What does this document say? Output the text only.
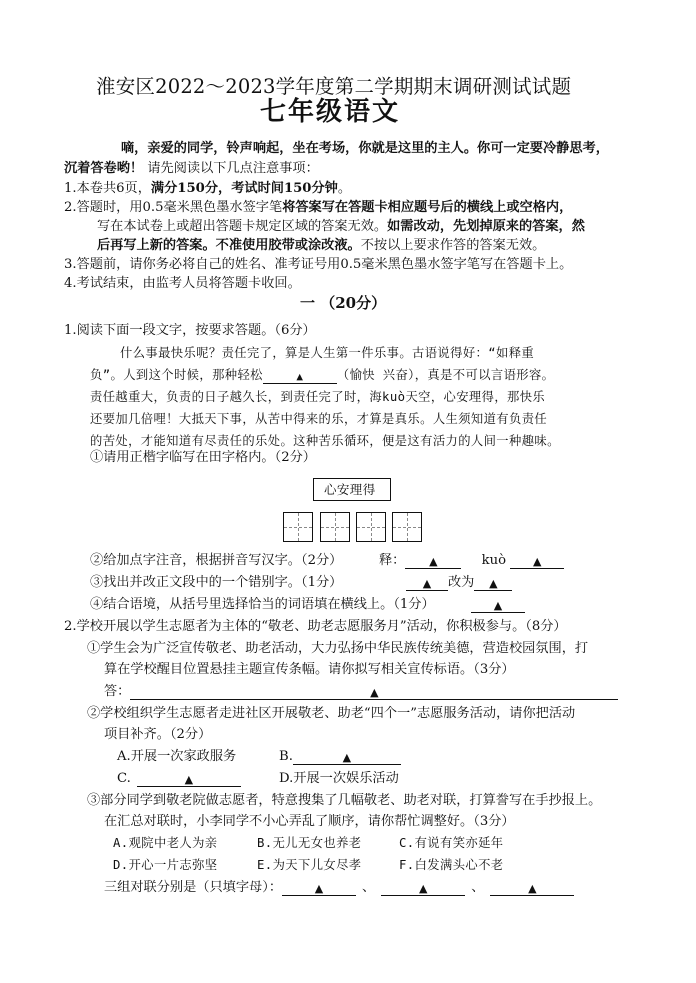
淮安区2022～2023学年度第二学期期末调研测试试题
七年级语文
嘀，亲爱的同学，铃声响起，坐在考场，你就是这里的主人。你可一定要冷静思考，
沉着答卷哟！ 请先阅读以下几点注意事项：
1.本卷共6页，满分150分，考试时间150分钟。
2.答题时，用0.5毫米黑色墨水签字笔将答案写在答题卡相应题号后的横线上或空格内，
写在本试卷上或超出答题卡规定区域的答案无效。如需改动，先划掉原来的答案，然
后再写上新的答案。不准使用胶带或涂改液。不按以上要求作答的答案无效。
3.答题前，请你务必将自己的姓名、准考证号用0.5毫米黑色墨水签字笔写在答题卡上。
4.考试结束，由监考人员将答题卡收回。
一 （20分）
1.阅读下面一段文字，按要求答题。（6分）
什么事最快乐呢？责任完了，算是人生第一件乐事。古语说得好：“如释重
负”。人到这个时候，那种轻松	▲	（愉快 兴奋），真是不可以言语形容。
责任越重大，负责的日子越久长，到责任完了时，海kuò天空，心安理得，那快乐
还要加几倍哩！大抵天下事，从苦中得来的乐，才算是真乐。人生须知道有负责任
的苦处，才能知道有尽责任的乐处。这种苦乐循环，便是这有活力的人间一种趣味。
①请用正楷字临写在田字格内。（2分）
心安理得
②给加点字注音，根据拼音写汉字。（2分）	释： ▲	kuò ▲
③找出并改正文段中的一个错别字。（1分）	▲ 改为 ▲
④结合语境，从括号里选择恰当的词语填在横线上。（1分）	▲
2.学校开展以学生志愿者为主体的“敬老、助老志愿服务月”活动，你积极参与。（8分）
①学生会为广泛宣传敬老、助老活动，大力弘扬中华民族传统美德，营造校园氛围，打
算在学校醒目位置悬挂主题宣传条幅。请你拟写相关宣传标语。（3分）
答：	▲
②学校组织学生志愿者走进社区开展敬老、助老“四个一”志愿服务活动，请你把活动
项目补齐。（2分）
A.开展一次家政服务	B.	▲
C.	▲	D.开展一次娱乐活动
③部分同学到敬老院做志愿者，特意搜集了几幅敬老、助老对联，打算誊写在手抄报上。
在汇总对联时，小李同学不小心弄乱了顺序，请你帮忙调整好。（3分）
A.观院中老人为亲	B.无儿无女也养老	C.有说有笑亦延年
D.开心一片志弥坚	E.为天下儿女尽孝	F.白发满头心不老
三组对联分别是（只填字母）：	▲	、	▲	、	▲
